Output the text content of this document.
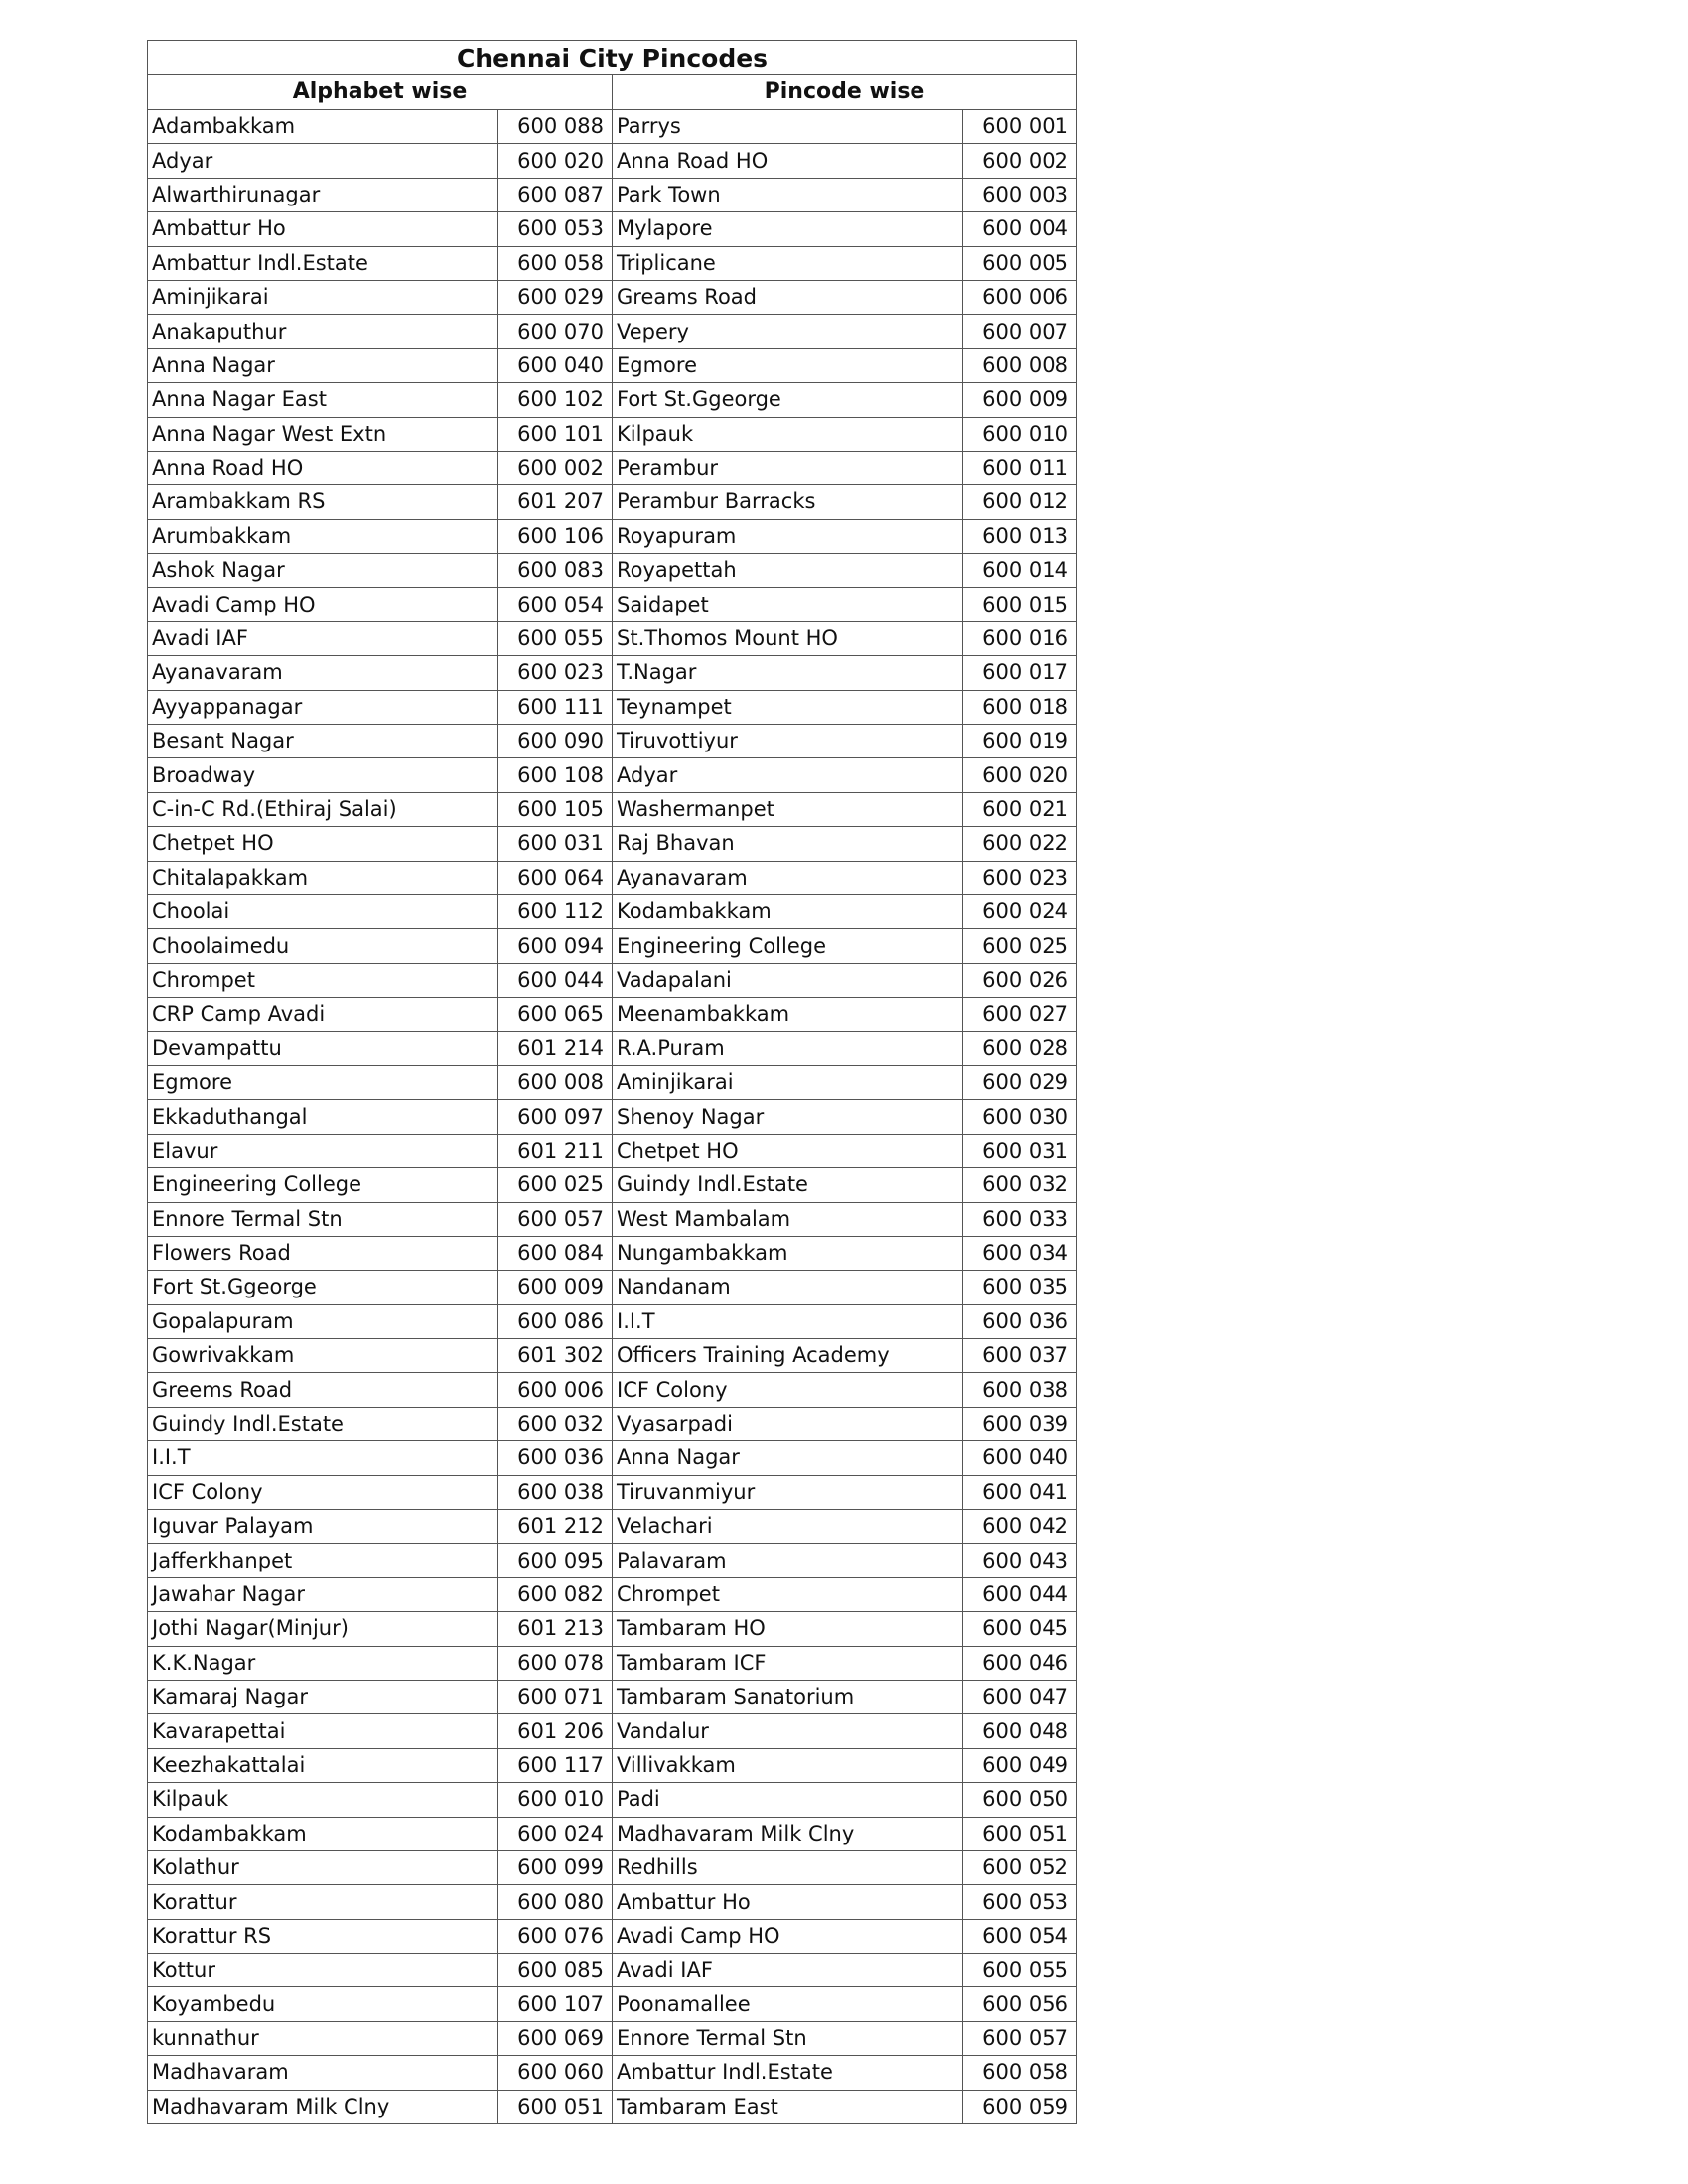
Chennai City Pincodes			
Alphabet wise		Pincode wise	
Adambakkam	600 088	Parrys	600 001
Adyar	600 020	Anna Road HO	600 002
Alwarthirunagar	600 087	Park Town	600 003
Ambattur Ho	600 053	Mylapore	600 004
Ambattur Indl.Estate	600 058	Triplicane	600 005
Aminjikarai	600 029	Greams Road	600 006
Anakaputhur	600 070	Vepery	600 007
Anna Nagar	600 040	Egmore	600 008
Anna Nagar East	600 102	Fort St.Ggeorge	600 009
Anna Nagar West Extn	600 101	Kilpauk	600 010
Anna Road HO	600 002	Perambur	600 011
Arambakkam RS	601 207	Perambur Barracks	600 012
Arumbakkam	600 106	Royapuram	600 013
Ashok Nagar	600 083	Royapettah	600 014
Avadi Camp HO	600 054	Saidapet	600 015
Avadi IAF	600 055	St.Thomos Mount HO	600 016
Ayanavaram	600 023	T.Nagar	600 017
Ayyappanagar	600 111	Teynampet	600 018
Besant Nagar	600 090	Tiruvottiyur	600 019
Broadway	600 108	Adyar	600 020
C-in-C Rd.(Ethiraj Salai)	600 105	Washermanpet	600 021
Chetpet HO	600 031	Raj Bhavan	600 022
Chitalapakkam	600 064	Ayanavaram	600 023
Choolai	600 112	Kodambakkam	600 024
Choolaimedu	600 094	Engineering College	600 025
Chrompet	600 044	Vadapalani	600 026
CRP Camp Avadi	600 065	Meenambakkam	600 027
Devampattu	601 214	R.A.Puram	600 028
Egmore	600 008	Aminjikarai	600 029
Ekkaduthangal	600 097	Shenoy Nagar	600 030
Elavur	601 211	Chetpet HO	600 031
Engineering College	600 025	Guindy Indl.Estate	600 032
Ennore Termal Stn	600 057	West Mambalam	600 033
Flowers Road	600 084	Nungambakkam	600 034
Fort St.Ggeorge	600 009	Nandanam	600 035
Gopalapuram	600 086	I.I.T	600 036
Gowrivakkam	601 302	Officers Training Academy	600 037
Greems Road	600 006	ICF Colony	600 038
Guindy Indl.Estate	600 032	Vyasarpadi	600 039
I.I.T	600 036	Anna Nagar	600 040
ICF Colony	600 038	Tiruvanmiyur	600 041
Iguvar Palayam	601 212	Velachari	600 042
Jafferkhanpet	600 095	Palavaram	600 043
Jawahar Nagar	600 082	Chrompet	600 044
Jothi Nagar(Minjur)	601 213	Tambaram HO	600 045
K.K.Nagar	600 078	Tambaram ICF	600 046
Kamaraj Nagar	600 071	Tambaram Sanatorium	600 047
Kavarapettai	601 206	Vandalur	600 048
Keezhakattalai	600 117	Villivakkam	600 049
Kilpauk	600 010	Padi	600 050
Kodambakkam	600 024	Madhavaram Milk Clny	600 051
Kolathur	600 099	Redhills	600 052
Korattur	600 080	Ambattur Ho	600 053
Korattur RS	600 076	Avadi Camp HO	600 054
Kottur	600 085	Avadi IAF	600 055
Koyambedu	600 107	Poonamallee	600 056
kunnathur	600 069	Ennore Termal Stn	600 057
Madhavaram	600 060	Ambattur Indl.Estate	600 058
Madhavaram Milk Clny	600 051	Tambaram East	600 059
